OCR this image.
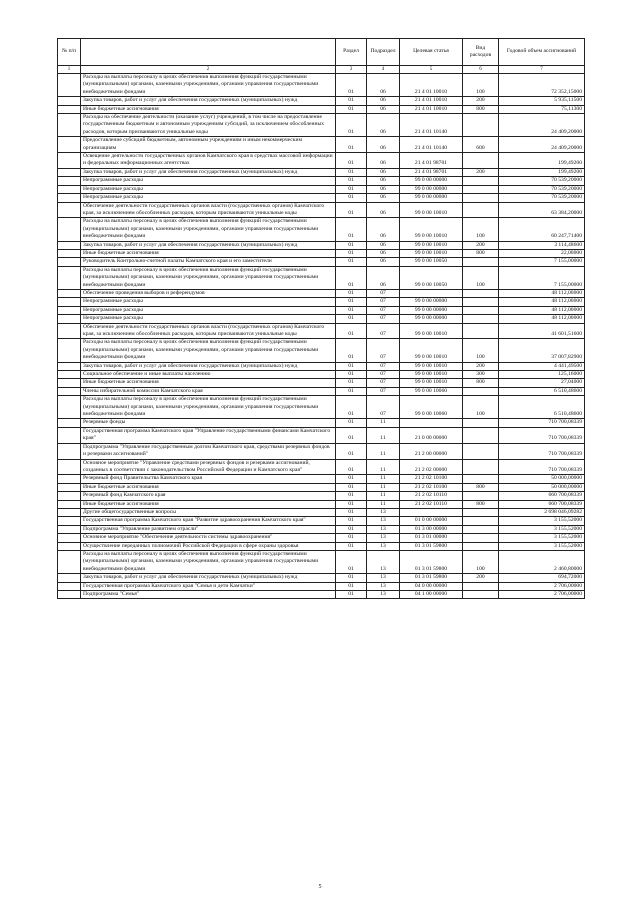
№ п/п		Раздел	Подраздел	Целевая статья	Вид расходов	Годовой объем ассигнований
1	2	3	4	5	6	7
	Расходы на выплаты персоналу в целях обеспечения выполнения функций государственными (муниципальными) органами, казенными учреждениями, органами управления государственными внебюджетными фондами	01	06	21 4 01 10010	100	72 352,15000
	Закупка товаров, работ и услуг для обеспечения государственных (муниципальных) нужд	01	06	21 4 01 10010	200	5 935,11500
	Иные бюджетные ассигнования	01	06	21 4 01 10010	800	75,11300
	Расходы на обеспечение деятельности (оказание услуг) учреждений, в том числе на предоставление государственным бюджетным и автономным учреждениям субсидий, за исключением обособленных расходов, которым присваиваются уникальные коды	01	06	21 4 01 10140		24 409,20000
	Предоставление субсидий бюджетным, автономным учреждениям и иным некоммерческим организациям	01	06	21 4 01 10140	600	24 409,20000
	Освещение деятельности государственных органов Камчатского края в средствах массовой информации и федеральных информационных агентствах	01	06	21 4 01 98701		199,49200
	Закупка товаров, работ и услуг для обеспечения государственных (муниципальных) нужд	01	06	21 4 01 98701	200	199,49200
	Непрограммные расходы	01	06	99 0 00 00000		70 539,20000
	Непрограммные расходы	01	06	99 0 00 00000		70 539,20000
	Непрограммные расходы	01	06	99 0 00 00000		70 539,20000
	Обеспечение деятельности государственных органов власти (государственных органов) Камчатского края, за исключением обособленных расходов, которым присваиваются уникальные коды	01	06	99 0 00 10010		63 384,20000
	Расходы на выплаты персоналу в целях обеспечения выполнения функций государственными (муниципальными) органами, казенными учреждениями, органами управления государственными внебюджетными фондами	01	06	99 0 00 10010	100	60 247,71400
	Закупка товаров, работ и услуг для обеспечения государственных (муниципальных) нужд	01	06	99 0 00 10010	200	3 114,48600
	Иные бюджетные ассигнования	01	06	99 0 00 10010	800	22,00000
	Руководитель Контрольно-счетной палаты Камчатского края и его заместители	01	06	99 0 00 10050		7 155,00000
	Расходы на выплаты персоналу в целях обеспечения выполнения функций государственными (муниципальными) органами, казенными учреждениями, органами управления государственными внебюджетными фондами	01	06	99 0 00 10050	100	7 155,00000
	Обеспечение проведения выборов и референдумов	01	07			48 112,00000
	Непрограммные расходы	01	07	99 0 00 00000		48 112,00000
	Непрограммные расходы	01	07	99 0 00 00000		48 112,00000
	Непрограммные расходы	01	07	99 0 00 00000		48 112,00000
	Обеспечение деятельности государственных органов власти (государственных органов) Камчатского края, за исключением обособленных расходов, которым присваиваются уникальные коды	01	07	99 0 00 10010		41 601,51600
	Расходы на выплаты персоналу в целях обеспечения выполнения функций государственными (муниципальными) органами, казенными учреждениями, органами управления государственными внебюджетными фондами	01	07	99 0 00 10010	100	37 007,82900
	Закупка товаров, работ и услуг для обеспечения государственных (муниципальных) нужд	01	07	99 0 00 10010	200	4 441,49500
	Социальное обеспечение и иные выплаты населению	01	07	99 0 00 10010	300	125,16000
	Иные бюджетные ассигнования	01	07	99 0 00 10010	800	27,04000
	Члены избирательной комиссии Камчатского края	01	07	99 0 00 10060		6 510,48600
	Расходы на выплаты персоналу в целях обеспечения выполнения функций государственными (муниципальными) органами, казенными учреждениями, органами управления государственными внебюджетными фондами	01	07	99 0 00 10060	100	6 510,48600
	Резервные фонды	01	11			710 700,08339
	Государственная программа Камчатского края "Управление государственными финансами Камчатского края"	01	11	21 0 00 00000		710 700,08339
	Подпрограмма "Управление государственным долгом Камчатского края, средствами резервных фондов и резервами ассигнований"	01	11	21 2 00 00000		710 700,08339
	Основное мероприятие "Управление средствами резервных фондов и резервами ассигнований, созданных в соответствии с законодательством Российской Федерации и Камчатского края"	01	11	21 2 02 00000		710 700,08339
	Резервный фонд Правительства Камчатского края	01	11	21 2 02 10100		50 000,00000
	Иные бюджетные ассигнования	01	11	21 2 02 10100	800	50 000,00000
	Резервный фонд Камчатского края	01	11	21 2 02 10110		660 700,08339
	Иные бюджетные ассигнования	01	11	21 2 02 10110	800	660 700,08339
	Другие общегосударственные вопросы	01	13			2 698 046,09282
	Государственная программа Камчатского края "Развитие здравоохранения Камчатского края"	01	13	01 0 00 00000		3 155,52000
	Подпрограмма "Управление развитием отрасли"	01	13	01 3 00 00000		3 155,52000
	Основное мероприятие "Обеспечение деятельности системы здравоохранения"	01	13	01 3 01 00000		3 155,52000
	Осуществление переданных полномочий Российской Федерации в сфере охраны здоровья	01	13	01 3 01 59800		3 155,52000
	Расходы на выплаты персоналу в целях обеспечения выполнения функций государственными (муниципальными) органами, казенными учреждениями, органами управления государственными внебюджетными фондами	01	13	01 3 01 59800	100	2 460,80000
	Закупка товаров, работ и услуг для обеспечения государственных (муниципальных) нужд	01	13	01 3 01 59800	200	694,72000
	Государственная программа Камчатского края "Семья и дети Камчатки"	01	13	04 0 00 00000		2 706,00000
	Подпрограмма "Семья"	01	13	04 1 00 00000		2 706,00000
5
